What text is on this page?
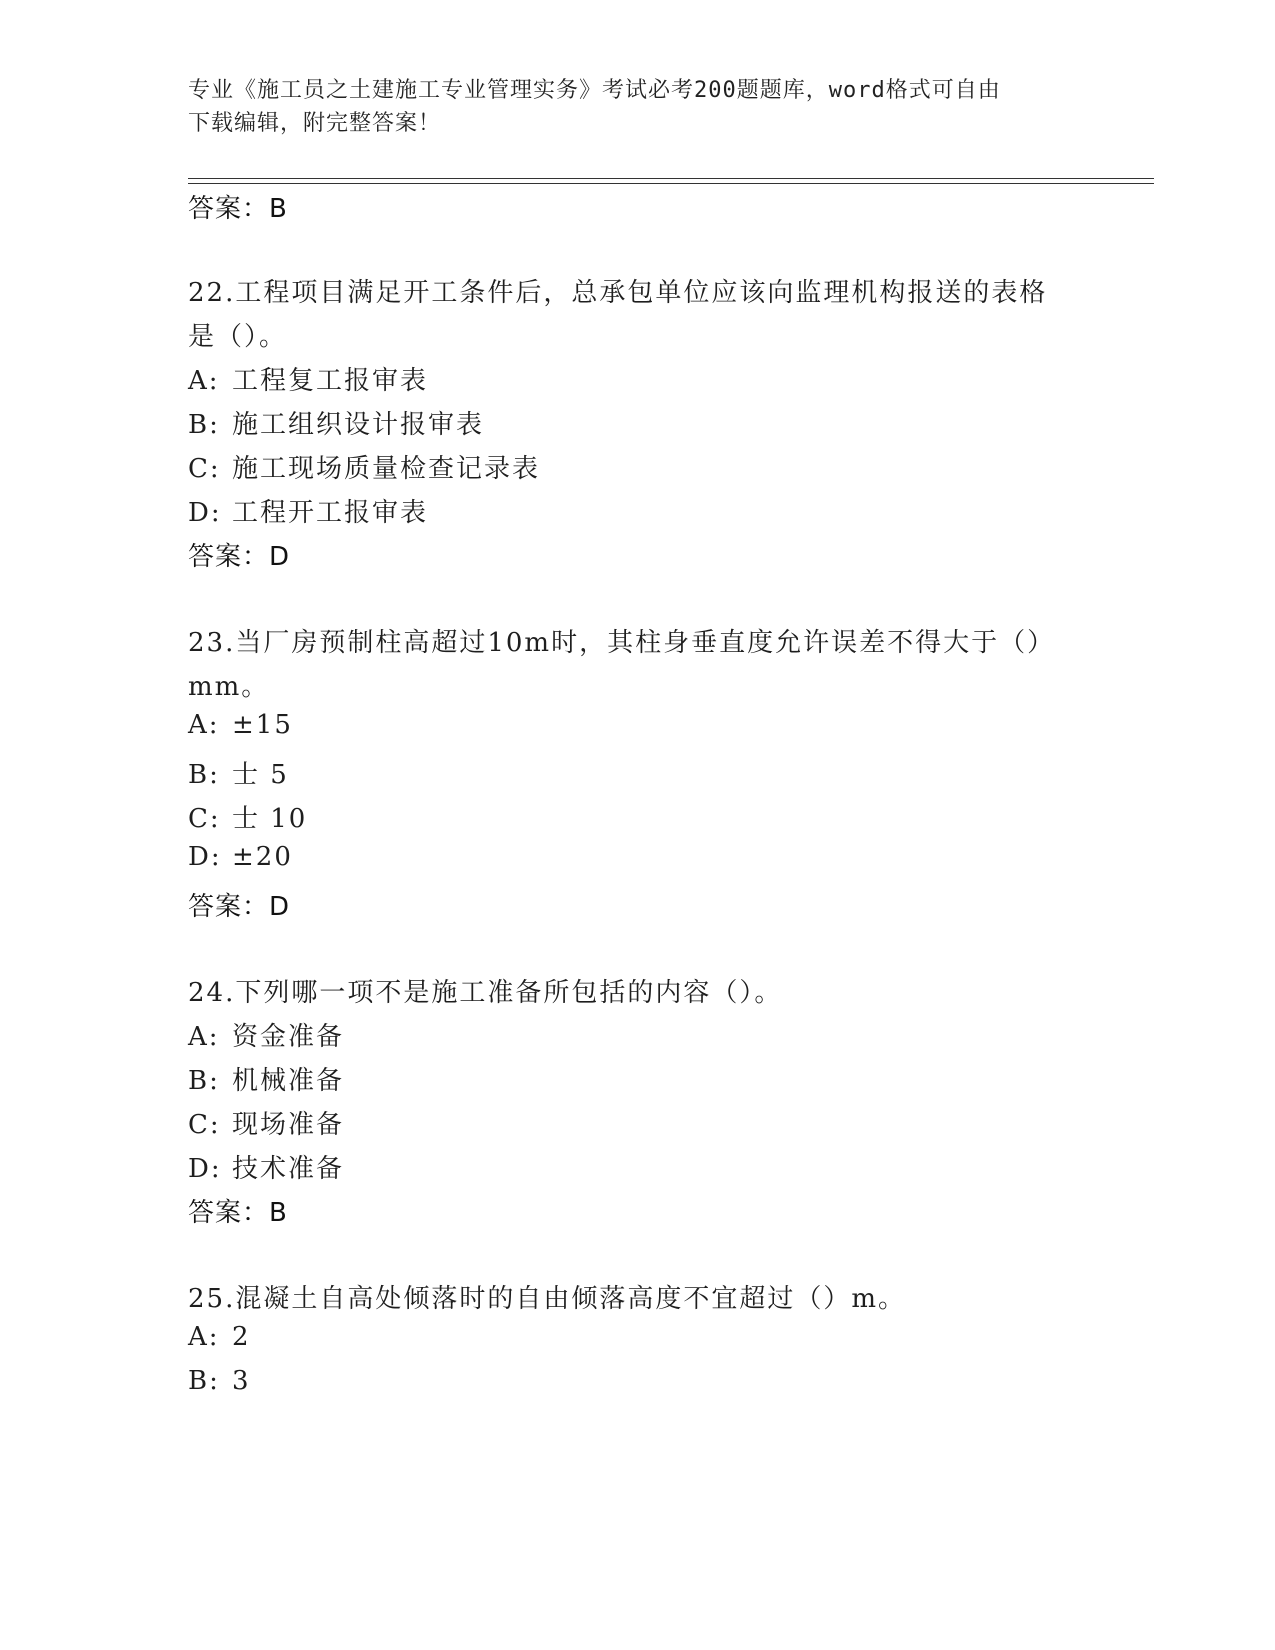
专业《施工员之土建施工专业管理实务》考试必考200题题库，word格式可自由
下载编辑，附完整答案！
答案：B
22.工程项目满足开工条件后，总承包单位应该向监理机构报送的表格
是（）。
A: 工程复工报审表
B: 施工组织设计报审表
C: 施工现场质量检查记录表
D: 工程开工报审表
答案：D
23.当厂房预制柱高超过10m时，其柱身垂直度允许误差不得大于（）
mm。
A: ±15
B: 士 5
C: 士 10
D: ±20
答案：D
24.下列哪一项不是施工准备所包括的内容（）。
A: 资金准备
B: 机械准备
C: 现场准备
D: 技术准备
答案：B
25.混凝土自高处倾落时的自由倾落高度不宜超过（）m。
A: 2
B: 3
